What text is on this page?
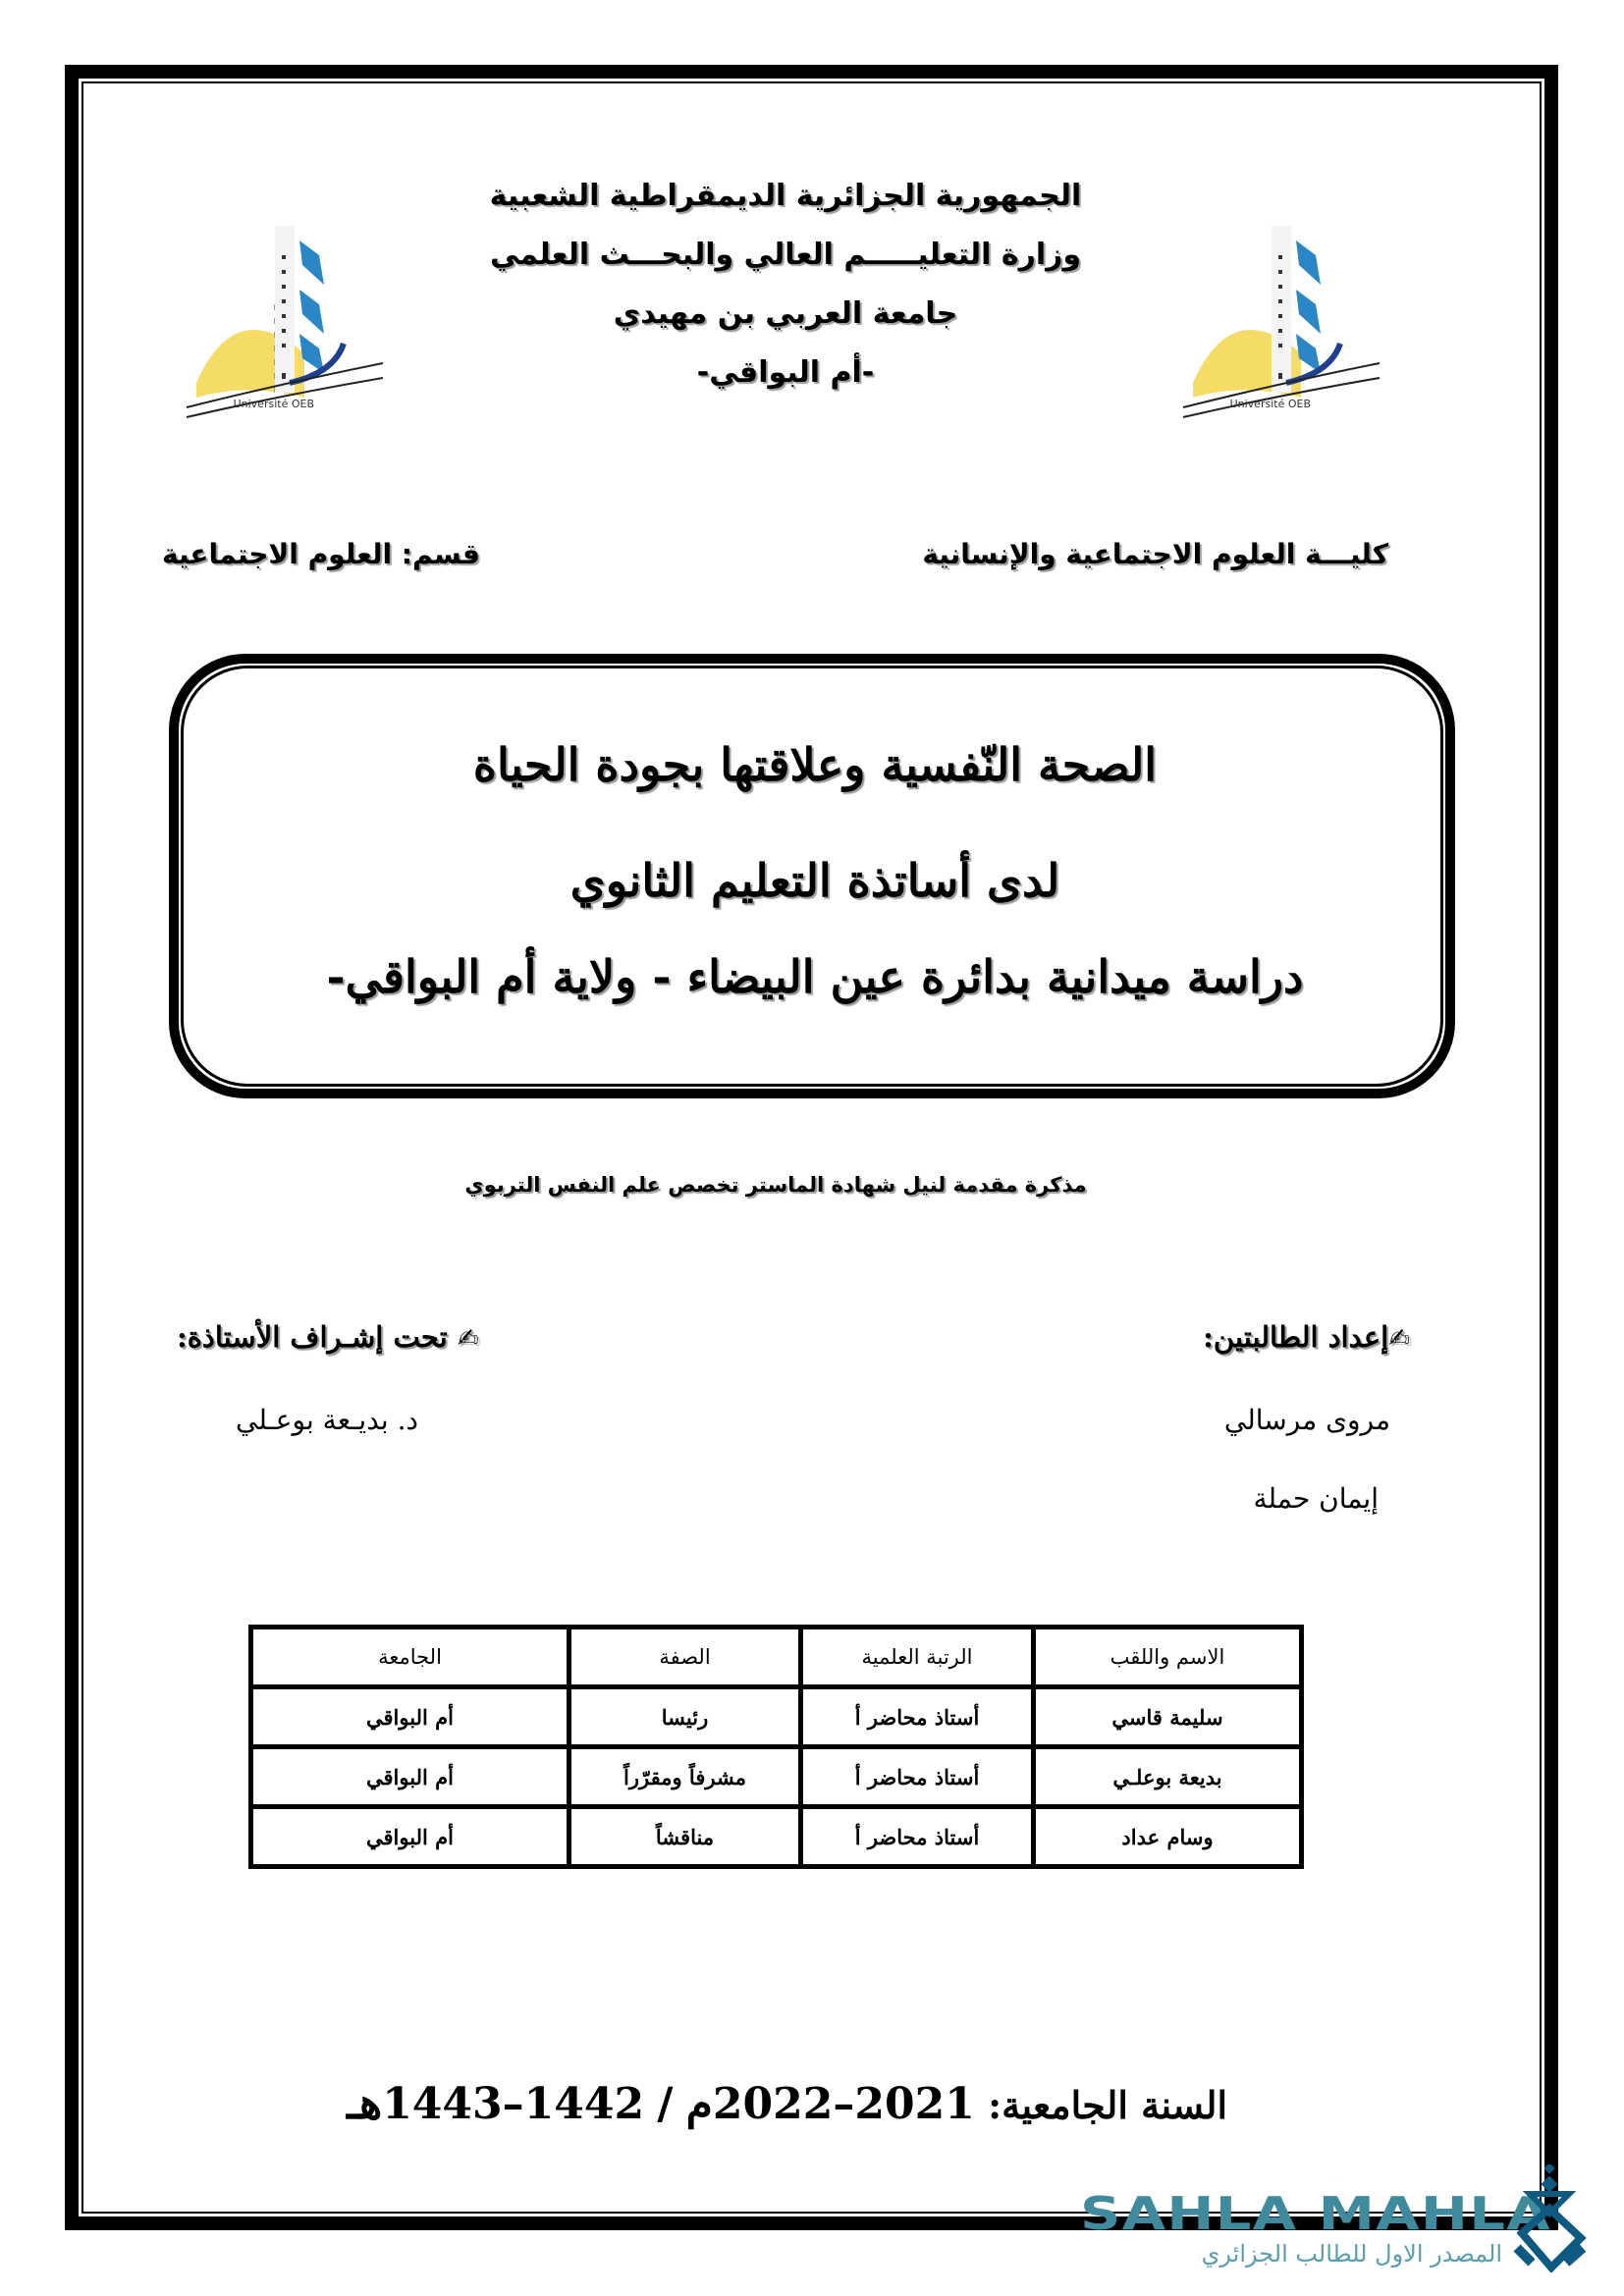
Université OEB	Université OEB
الجمهورية الجزائرية الديمقراطية الشعبية
وزارة التعليـــــم العالي والبحـــث العلمي
جامعة العربي بن مهيدي
-أم البواقي-
كليـــة العلوم الاجتماعية والإنسانية
قسم: العلوم الاجتماعية
الصحة النّفسية وعلاقتها بجودة الحياة
لدى أساتذة التعليم الثانوي
دراسة ميدانية بدائرة عين البيضاء - ولاية أم البواقي-
مذكرة مقدمة لنيل شهادة الماستر تخصص علم النفس التربوي
✍إعداد الطالبتين:
مروى مرسالي
إيمان حملة
✍ تحت إشـراف الأستاذة:
د. بديـعة بوعـلي
الاسم واللقب	الرتبة العلمية	الصفة	الجامعة
سليمة قاسي	أستاذ محاضر أ	رئيسا	أم البواقي
بديعة بوعلـي	أستاذ محاضر أ	مشرفاً ومقرّراً	أم البواقي
وسام عداد	أستاذ محاضر أ	مناقشاً	أم البواقي
السنة الجامعية: 2021–2022م / 1442–1443هـ
SAHLA MAHLA
المصدر الاول للطالب الجزائري
